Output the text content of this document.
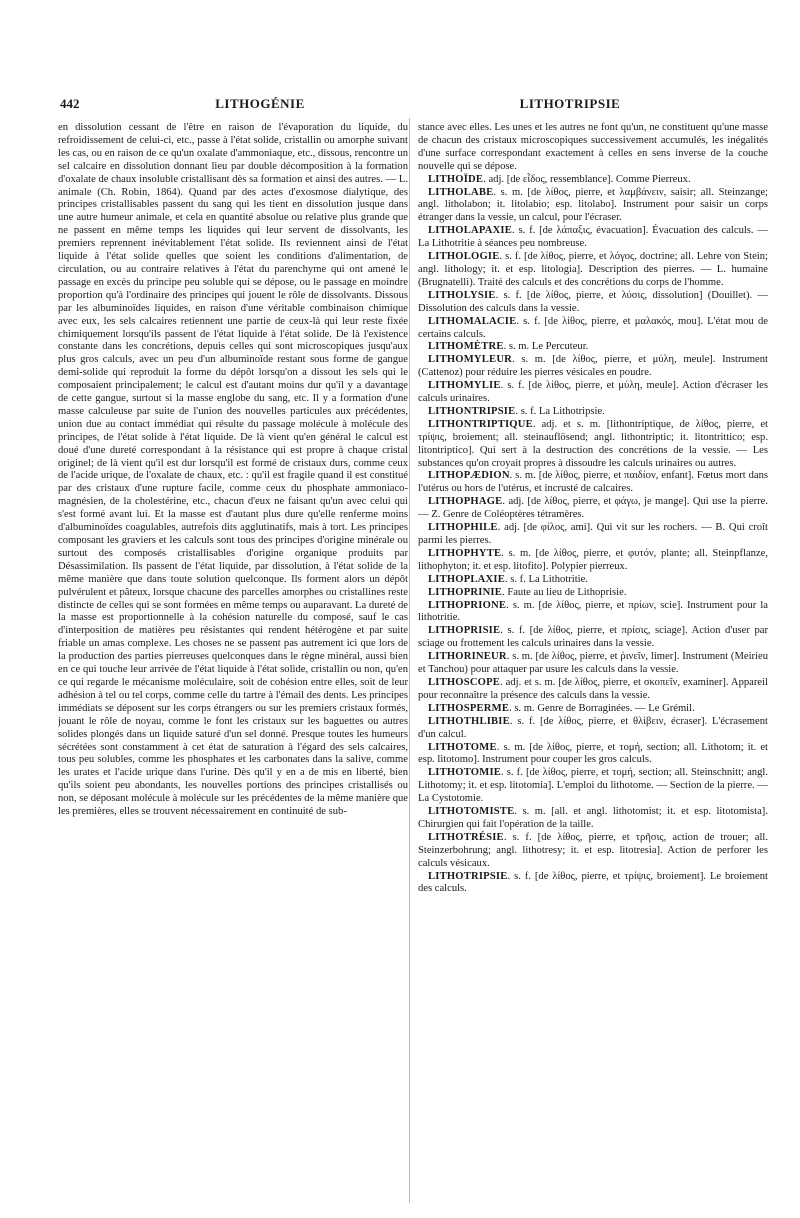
442	LITHOGÉNIE	LITHOTRIPSIE

en dissolution cessant de l'être en raison de l'évaporation du liquide, du refroidissement de celui-ci, etc., passe à l'état solide, cristallin ou amorphe suivant les cas, ou en raison de ce qu'un oxalate d'ammoniaque, etc., dissous, rencontre un sel calcaire en dissolution donnant lieu par double décomposition à la formation d'oxalate de chaux insoluble cristallisant dès sa formation et ainsi des autres. — L. animale (Ch. Robin, 1864). Quand par des actes d'exosmose dialytique, des principes cristallisables passent du sang qui les tient en dissolution jusque dans une autre humeur animale, et cela en quantité absolue ou relative plus grande que ne passent en même temps les liquides qui leur servent de dissolvants, les premiers reprennent inévitablement l'état solide. Ils reviennent ainsi de l'état liquide à l'état solide quelles que soient les conditions d'alimentation, de circulation, ou au contraire relatives à l'état du parenchyme qui ont amené le passage en excès du principe peu soluble qui se dépose, ou le passage en moindre proportion qu'à l'ordinaire des principes qui jouent le rôle de dissolvants. Dissous par les albuminoïdes liquides, en raison d'une véritable combinaison chimique avec eux, les sels calcaires retiennent une partie de ceux-là qui leur reste fixée chimiquement lorsqu'ils passent de l'état liquide à l'état solide. De là l'existence constante dans les concrétions, depuis celles qui sont microscopiques jusqu'aux plus gros calculs, avec un peu d'un albuminoïde restant sous forme de gangue demi-solide qui reproduit la forme du dépôt lorsqu'on a dissout les sels qui le composaient principalement; le calcul est d'autant moins dur qu'il y a davantage de cette gangue, surtout si la masse englobe du sang, etc. Il y a formation d'une masse calculeuse par suite de l'union des nouvelles particules aux précédentes, union due au contact immédiat qui résulte du passage molécule à molécule des principes, de l'état solide à l'état liquide. De là vient qu'en général le calcul est doué d'une dureté correspondant à la résistance qui est propre à chaque cristal originel; de là vient qu'il est dur lorsqu'il est formé de cristaux durs, comme ceux de l'acide urique, de l'oxalate de chaux, etc. : qu'il est fragile quand il est constitué par des cristaux d'une rupture facile, comme ceux du phosphate ammoniaco-magnésien, de la cholestérine, etc., chacun d'eux ne faisant qu'un avec celui qui s'est formé avant lui. Et la masse est d'autant plus dure qu'elle renferme moins d'albuminoïdes coagulables, autrefois dits agglutinatifs, mais à tort. Les principes composant les graviers et les calculs sont tous des principes d'origine minérale ou surtout des composés cristallisables d'origine organique produits par Désassimilation. Ils passent de l'état liquide, par dissolution, à l'état solide de la même manière que dans toute solution quelconque. Ils forment alors un dépôt pulvérulent et pâteux, lorsque chacune des parcelles amorphes ou cristallines reste distincte de celles qui se sont formées en même temps ou auparavant. La dureté de la masse est proportionnelle à la cohésion naturelle du composé, sauf le cas d'interposition de matières peu résistantes qui rendent hétérogène et par suite friable un amas complexe. Les choses ne se passent pas autrement ici que lors de la production des parties pierreuses quelconques dans le règne minéral, aussi bien en ce qui touche leur arrivée de l'état liquide à l'état solide, cristallin ou non, qu'en ce qui regarde le mécanisme moléculaire, soit de cohésion entre elles, soit de leur adhésion à tel ou tel corps, comme celle du tartre à l'émail des dents. Les principes immédiats se déposent sur les corps étrangers ou sur les premiers cristaux formés, jouant le rôle de noyau, comme le font les cristaux sur les baguettes ou autres solides plongés dans un liquide saturé d'un sel donné. Presque toutes les humeurs sécrétées sont constamment à cet état de saturation à l'égard des sels calcaires, tous peu solubles, comme les phosphates et les carbonates dans la salive, comme les urates et l'acide urique dans l'urine. Dès qu'il y en a de mis en liberté, bien qu'ils soient peu abondants, les nouvelles portions des principes cristallisés ou non, se déposant molécule à molécule sur les précédentes de la même manière que les premières, elles se trouvent nécessairement en continuité de sub-

stance avec elles. Les unes et les autres ne font qu'un, ne constituent qu'une masse de chacun des cristaux microscopiques successivement accumulés, les inégalités d'une surface correspondant exactement à celles en sens inverse de la couche nouvelle qui se dépose.

LITHOÏDE. adj. [de εἶδος, ressemblance]. Comme Pierreux.

LITHOLABE. s. m. [de λίθος, pierre, et λαμβάνειν, saisir; all. Steinzange; angl. litholabon; it. litolabio; esp. litolabo]. Instrument pour saisir un corps étranger dans la vessie, un calcul, pour l'écraser.

LITHOLAPAXIE. s. f. [de λάπαξις, évacuation]. Évacuation des calculs. — La Lithotritie à séances peu nombreuse.

LITHOLOGIE. s. f. [de λίθος, pierre, et λόγος, doctrine; all. Lehre von Stein; angl. lithology; it. et esp. litologia]. Description des pierres. — L. humaine (Brugnatelli). Traité des calculs et des concrétions du corps de l'homme.

LITHOLYSIE. s. f. [de λίθος, pierre, et λύσις, dissolution] (Douillet). — Dissolution des calculs dans la vessie.

LITHOMALACIE. s. f. [de λίθος, pierre, et μαλακός, mou]. L'état mou de certains calculs.

LITHOMÈTRE. s. m. Le Percuteur.

LITHOMYLEUR. s. m. [de λίθος, pierre, et μύλη, meule]. Instrument (Cattenoz) pour réduire les pierres vésicales en poudre.

LITHOMYLIE. s. f. [de λίθος, pierre, et μύλη, meule]. Action d'écraser les calculs urinaires.

LITHONTRIPSIE. s. f. La Lithotripsie.

LITHONTRIPTIQUE. adj. et s. m. [lithontriptique, de λίθος, pierre, et τρίψις, broiement; all. steinauflösend; angl. lithontriptic; it. litontrittico; esp. litontriptico]. Qui sert à la destruction des concrétions de la vessie. — Les substances qu'on croyait propres à dissoudre les calculs urinaires ou autres.

LITHOPÆDION. s. m. [de λίθος, pierre, et παιδίον, enfant]. Fœtus mort dans l'utérus ou hors de l'utérus, et incrusté de calcaires.

LITHOPHAGE. adj. [de λίθος, pierre, et φάγω, je mange]. Qui use la pierre. — Z. Genre de Coléoptères tétramères.

LITHOPHILE. adj. [de φίλος, ami]. Qui vit sur les rochers. — B. Qui croît parmi les pierres.

LITHOPHYTE. s. m. [de λίθος, pierre, et φυτόν, plante; all. Steinpflanze, lithophyton; it. et esp. litofito]. Polypier pierreux.

LITHOPLAXIE. s. f. La Lithotritie.

LITHOPRINIE. Faute au lieu de Lithoprisie.

LITHOPRIONE. s. m. [de λίθος, pierre, et πρίων, scie]. Instrument pour la lithotritie.

LITHOPRISIE. s. f. [de λίθος, pierre, et πρίσις, sciage]. Action d'user par sciage ou frottement les calculs urinaires dans la vessie.

LITHORINEUR. s. m. [de λίθος, pierre, et ῥινεῖν, limer]. Instrument (Meirieu et Tanchou) pour attaquer par usure les calculs dans la vessie.

LITHOSCOPE. adj. et s. m. [de λίθος, pierre, et σκοπεῖν, examiner]. Appareil pour reconnaître la présence des calculs dans la vessie.

LITHOSPERME. s. m. Genre de Borraginées. — Le Grémil.

LITHOTHLIBIE. s. f. [de λίθος, pierre, et θλίβειν, écraser]. L'écrasement d'un calcul.

LITHOTOME. s. m. [de λίθος, pierre, et τομή, section; all. Lithotom; it. et esp. litotomo]. Instrument pour couper les gros calculs.

LITHOTOMIE. s. f. [de λίθος, pierre, et τομή, section; all. Steinschnitt; angl. Lithotomy; it. et esp. litotomia]. L'emploi du lithotome. — Section de la pierre. — La Cystotomie.

LITHOTOMISTE. s. m. [all. et angl. lithotomist; it. et esp. litotomista]. Chirurgien qui fait l'opération de la taille.

LITHOTRÉSIE. s. f. [de λίθος, pierre, et τρῆσις, action de trouer; all. Steinzerbohrung; angl. lithotresy; it. et esp. litotresia]. Action de perforer les calculs vésicaux.

LITHOTRIPSIE. s. f. [de λίθος, pierre, et τρίψις, broiement]. Le broiement des calculs.
